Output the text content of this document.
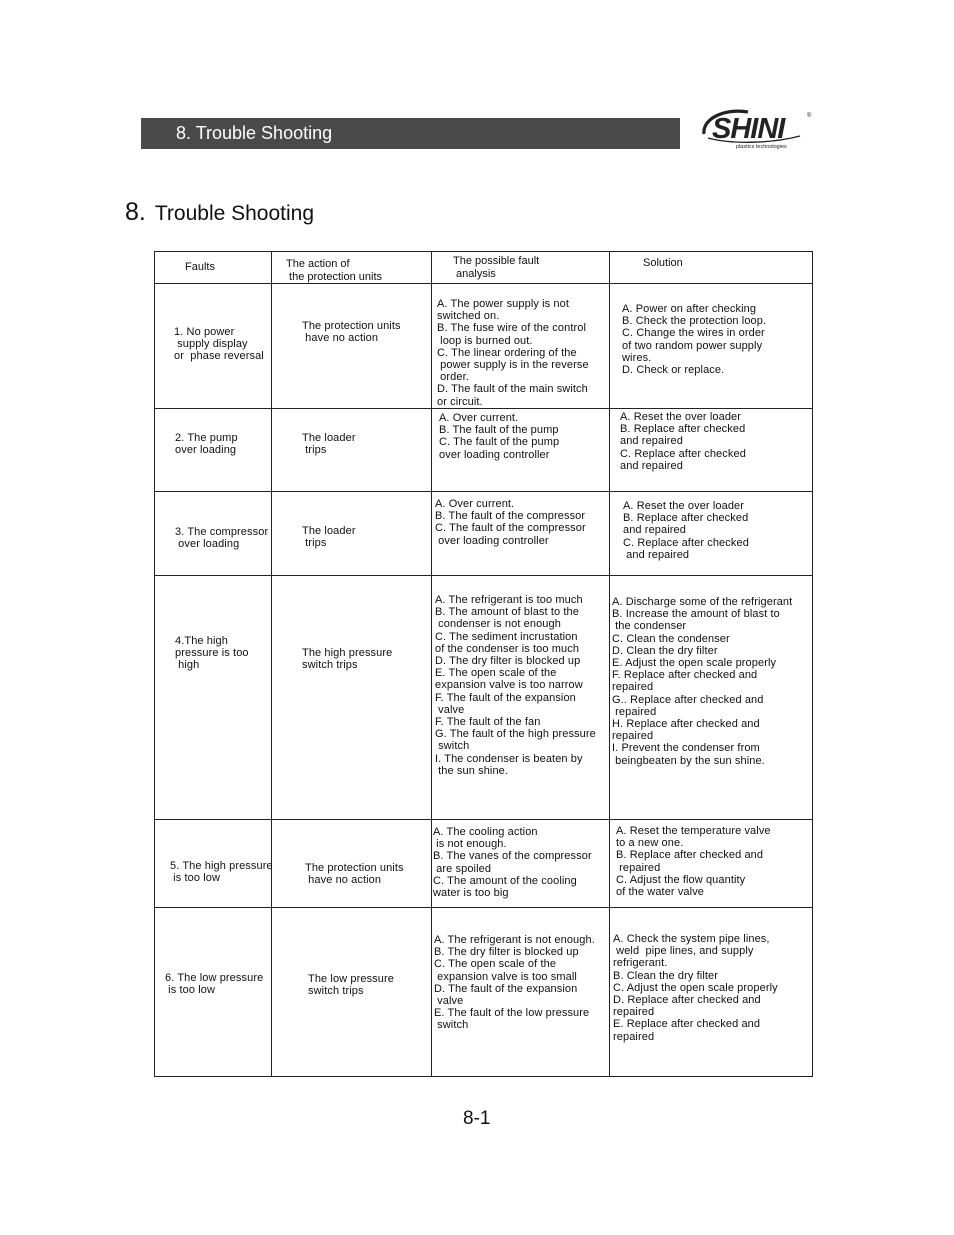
8. Trouble Shooting	SHINI
plastics technologies
®
8. Trouble Shooting
Faults	The action of
the protection units
The possible fault
analysis
Solution
1. No power
supply display
or  phase reversal
The protection units
have no action
A. The power supply is not
switched on.
B. The fuse wire of the control
loop is burned out.
C. The linear ordering of the
power supply is in the reverse
order.
D. The fault of the main switch
or circuit.
A. Power on after checking
B. Check the protection loop.
C. Change the wires in order
of two random power supply
wires.
D. Check or replace.
2. The pump
over loading
The loader
trips
A. Over current.
B. The fault of the pump
C. The fault of the pump
over loading controller
A. Reset the over loader
B. Replace after checked
and repaired
C. Replace after checked
and repaired
3. The compressor
over loading
The loader
trips
A. Over current.
B. The fault of the compressor
C. The fault of the compressor
over loading controller
A. Reset the over loader
B. Replace after checked
and repaired
C. Replace after checked
and repaired
4.The high
pressure is too
high
The high pressure
switch trips
A. The refrigerant is too much
B. The amount of blast to the
condenser is not enough
C. The sediment incrustation
of the condenser is too much
D. The dry filter is blocked up
E. The open scale of the
expansion valve is too narrow
F. The fault of the expansion
valve
F. The fault of the fan
G. The fault of the high pressure
switch
I. The condenser is beaten by
the sun shine.
A. Discharge some of the refrigerant
B. Increase the amount of blast to
the condenser
C. Clean the condenser
D. Clean the dry filter
E. Adjust the open scale properly
F. Replace after checked and
repaired
G.. Replace after checked and
repaired
H. Replace after checked and
repaired
I. Prevent the condenser from
beingbeaten by the sun shine.
5. The high pressure
is too low
The protection units
have no action
A. The cooling action
is not enough.
B. The vanes of the compressor
are spoiled
C. The amount of the cooling
water is too big
A. Reset the temperature valve
to a new one.
B. Replace after checked and
repaired
C. Adjust the flow quantity
of the water valve
6. The low pressure
is too low
The low pressure
switch trips
A. The refrigerant is not enough.
B. The dry filter is blocked up
C. The open scale of the
expansion valve is too small
D. The fault of the expansion
valve
E. The fault of the low pressure
switch
A. Check the system pipe lines,
weld  pipe lines, and supply
refrigerant.
B. Clean the dry filter
C. Adjust the open scale properly
D. Replace after checked and
repaired
E. Replace after checked and
repaired
8-1
